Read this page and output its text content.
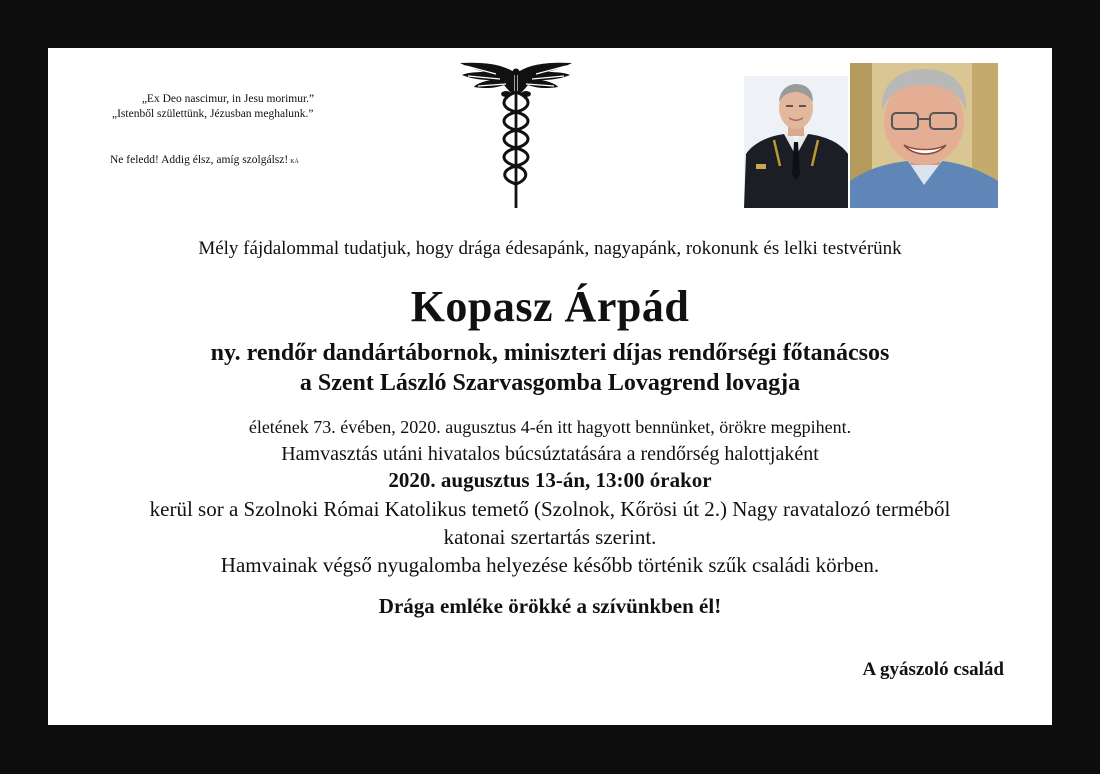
„Ex Deo nascimur, in Jesu morimur.”
„Istenből születtünk, Jézusban meghalunk.”
Ne feledd! Addig élsz, amíg szolgálsz! KÁ
Mély fájdalommal tudatjuk, hogy drága édesapánk, nagyapánk, rokonunk és lelki testvérünk
Kopasz Árpád
ny. rendőr dandártábornok, miniszteri díjas rendőrségi főtanácsos
a Szent László Szarvasgomba Lovagrend lovagja
életének 73. évében, 2020. augusztus 4-én itt hagyott bennünket, örökre megpihent.
Hamvasztás utáni hivatalos búcsúztatására a rendőrség halottjaként
2020. augusztus 13-án, 13:00 órakor
kerül sor a Szolnoki Római Katolikus temető (Szolnok, Kőrösi út 2.) Nagy ravatalozó terméből
katonai szertartás szerint.
Hamvainak végső nyugalomba helyezése később történik szűk családi körben.
Drága emléke örökké a szívünkben él!
A gyászoló család
